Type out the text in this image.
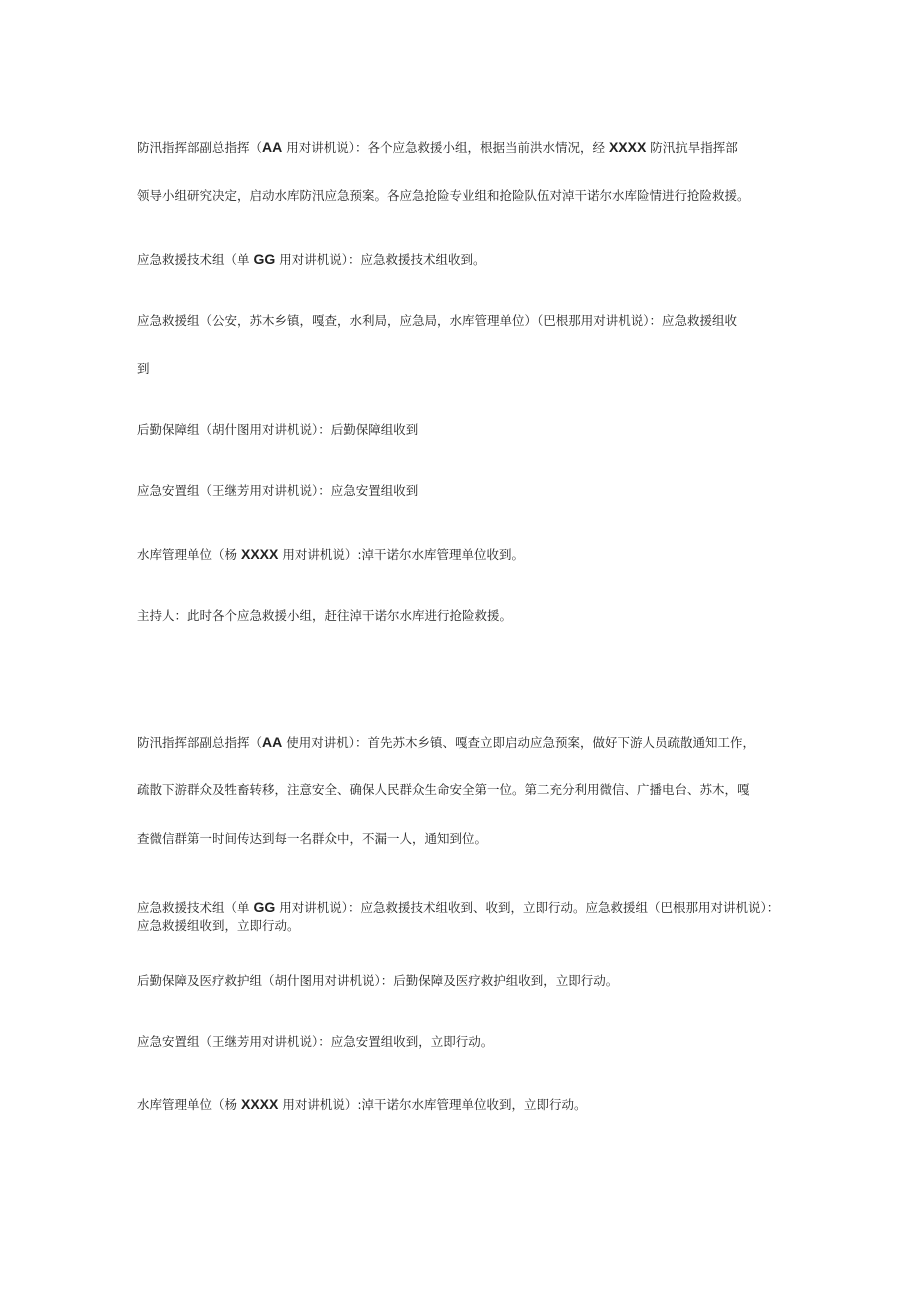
防汛指挥部副总指挥（AA 用对讲机说）：各个应急救援小组，根据当前洪水情况，经 XXXX 防汛抗旱指挥部
领导小组研究决定，启动水库防汛应急预案。各应急抢险专业组和抢险队伍对淖干诺尔水库险情进行抢险救援。
应急救援技术组（单 GG 用对讲机说）：应急救援技术组收到。
应急救援组（公安，苏木乡镇，嘎查，水利局，应急局，水库管理单位）（巴根那用对讲机说）：应急救援组收
到
后勤保障组（胡什图用对讲机说）：后勤保障组收到
应急安置组（王继芳用对讲机说）：应急安置组收到
水库管理单位（杨 XXXX 用对讲机说）:淖干诺尔水库管理单位收到。
主持人：此时各个应急救援小组，赶往淖干诺尔水库进行抢险救援。
防汛指挥部副总指挥（AA 使用对讲机）：首先苏木乡镇、嘎查立即启动应急预案，做好下游人员疏散通知工作，
疏散下游群众及牲畜转移，注意安全、确保人民群众生命安全第一位。第二充分利用微信、广播电台、苏木，嘎
查微信群第一时间传达到每一名群众中，不漏一人，通知到位。
应急救援技术组（单 GG 用对讲机说）：应急救援技术组收到、收到，立即行动。应急救援组（巴根那用对讲机说）：应急救援组收到，立即行动。
后勤保障及医疗救护组（胡什图用对讲机说）：后勤保障及医疗救护组收到，立即行动。
应急安置组（王继芳用对讲机说）：应急安置组收到，立即行动。
水库管理单位（杨 XXXX 用对讲机说）:淖干诺尔水库管理单位收到，立即行动。
